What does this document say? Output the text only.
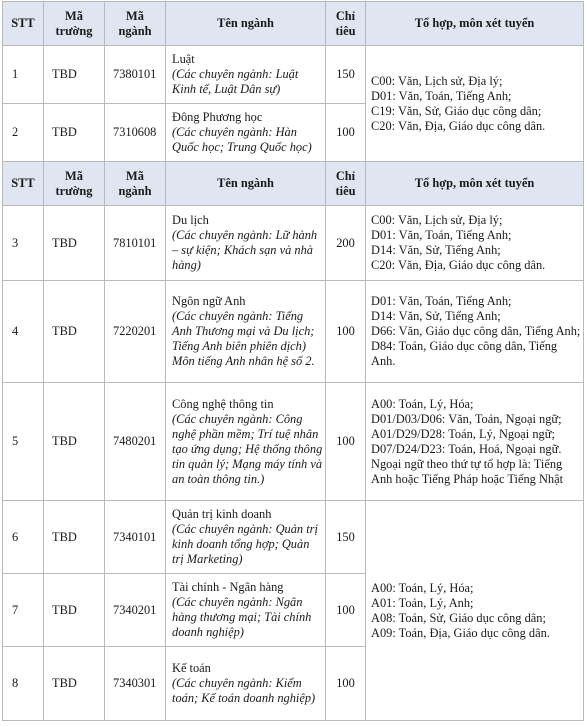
STT	Mã trường	Mã ngành	Tên ngành	Chỉ tiêu	Tổ hợp, môn xét tuyển
1	TBD	7380101	Luật
(Các chuyên ngành: Luật Kinh tế, Luật Dân sự)	150	C00: Văn, Lịch sử, Địa lý;
D01: Văn, Toán, Tiếng Anh;
C19: Văn, Sử, Giáo dục công dân;
C20: Văn, Địa, Giáo dục công dân.

2	TBD	7310608	Đông Phương học
(Các chuyên ngành: Hàn Quốc học; Trung Quốc học)	100	
STT	Mã trường	Mã ngành	Tên ngành	Chỉ tiêu	Tổ hợp, môn xét tuyển
3	TBD	7810101	Du lịch
(Các chuyên ngành: Lữ hành – sự kiện; Khách sạn và nhà hàng)	200	C00: Văn, Lịch sử, Địa lý;
D01: Văn, Toán, Tiếng Anh;
D14: Văn, Sử, Tiếng Anh;
C20: Văn, Địa, Giáo dục công dân.

4	TBD	7220201	Ngôn ngữ Anh
(Các chuyên ngành: Tiếng Anh Thương mại và Du lịch; Tiếng Anh biên phiên dịch) Môn tiếng Anh nhân hệ số 2.	100	D01: Văn, Toán, Tiếng Anh;
D14: Văn, Sử, Tiếng Anh;
D66: Văn, Giáo dục công dân, Tiếng Anh;
D84: Toán, Giáo dục công dân, Tiếng Anh.

5	TBD	7480201	Công nghệ thông tin
(Các chuyên ngành: Công nghệ phần mềm; Trí tuệ nhân tạo ứng dụng; Hệ thống thông tin quản lý; Mạng máy tính và an toàn thông tin.)	100	A00: Toán, Lý, Hóa;
D01/D03/D06: Văn, Toán, Ngoại ngữ;
A01/D29/D28: Toán, Lý, Ngoại ngữ;
D07/D24/D23: Toán, Hoá, Ngoại ngữ.
Ngoại ngữ theo thứ tự tổ hợp là: Tiếng Anh hoặc Tiếng Pháp hoặc Tiếng Nhật

6	TBD	7340101	Quản trị kinh doanh
(Các chuyên ngành: Quản trị kinh doanh tổng hợp; Quản trị Marketing)	150	A00: Toán, Lý, Hóa;
A01: Toán, Lý, Anh;
A08: Toán, Sử, Giáo dục công dân;
A09: Toán, Địa, Giáo dục công dân.

7	TBD	7340201	Tài chính - Ngân hàng
(Các chuyên ngành: Ngân hàng thương mại; Tài chính doanh nghiệp)	100	
8	TBD	7340301	Kế toán
(Các chuyên ngành: Kiểm toán; Kế toán doanh nghiệp)	100	
